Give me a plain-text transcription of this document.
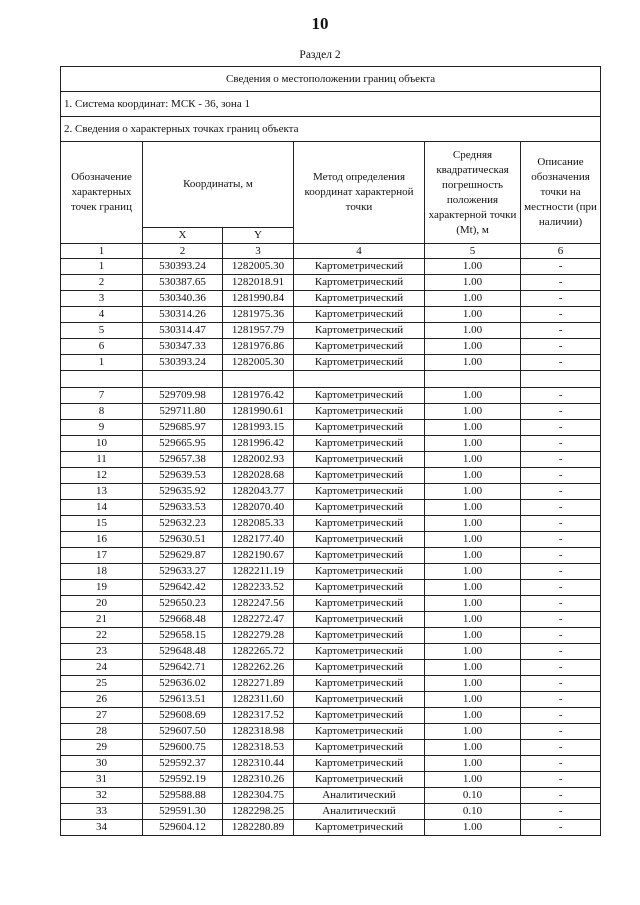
10
Раздел 2
Сведения о местоположении границ объекта					
1. Система координат: МСК - 36, зона 1					
2. Сведения о характерных точках границ объекта					
Обозначение характерных точек границ	Координаты, м		Метод определения координат характерной точки	Средняя квадратическая погрешность положения характерной точки (Mt), м	Описание обозначения точки на местности (при наличии)
	X	Y			
1	2	3	4	5	6
1	530393.24	1282005.30	Картометрический	1.00	-
2	530387.65	1282018.91	Картометрический	1.00	-
3	530340.36	1281990.84	Картометрический	1.00	-
4	530314.26	1281975.36	Картометрический	1.00	-
5	530314.47	1281957.79	Картометрический	1.00	-
6	530347.33	1281976.86	Картометрический	1.00	-
1	530393.24	1282005.30	Картометрический	1.00	-

7	529709.98	1281976.42	Картометрический	1.00	-
8	529711.80	1281990.61	Картометрический	1.00	-
9	529685.97	1281993.15	Картометрический	1.00	-
10	529665.95	1281996.42	Картометрический	1.00	-
11	529657.38	1282002.93	Картометрический	1.00	-
12	529639.53	1282028.68	Картометрический	1.00	-
13	529635.92	1282043.77	Картометрический	1.00	-
14	529633.53	1282070.40	Картометрический	1.00	-
15	529632.23	1282085.33	Картометрический	1.00	-
16	529630.51	1282177.40	Картометрический	1.00	-
17	529629.87	1282190.67	Картометрический	1.00	-
18	529633.27	1282211.19	Картометрический	1.00	-
19	529642.42	1282233.52	Картометрический	1.00	-
20	529650.23	1282247.56	Картометрический	1.00	-
21	529668.48	1282272.47	Картометрический	1.00	-
22	529658.15	1282279.28	Картометрический	1.00	-
23	529648.48	1282265.72	Картометрический	1.00	-
24	529642.71	1282262.26	Картометрический	1.00	-
25	529636.02	1282271.89	Картометрический	1.00	-
26	529613.51	1282311.60	Картометрический	1.00	-
27	529608.69	1282317.52	Картометрический	1.00	-
28	529607.50	1282318.98	Картометрический	1.00	-
29	529600.75	1282318.53	Картометрический	1.00	-
30	529592.37	1282310.44	Картометрический	1.00	-
31	529592.19	1282310.26	Картометрический	1.00	-
32	529588.88	1282304.75	Аналитический	0.10	-
33	529591.30	1282298.25	Аналитический	0.10	-
34	529604.12	1282280.89	Картометрический	1.00	-
